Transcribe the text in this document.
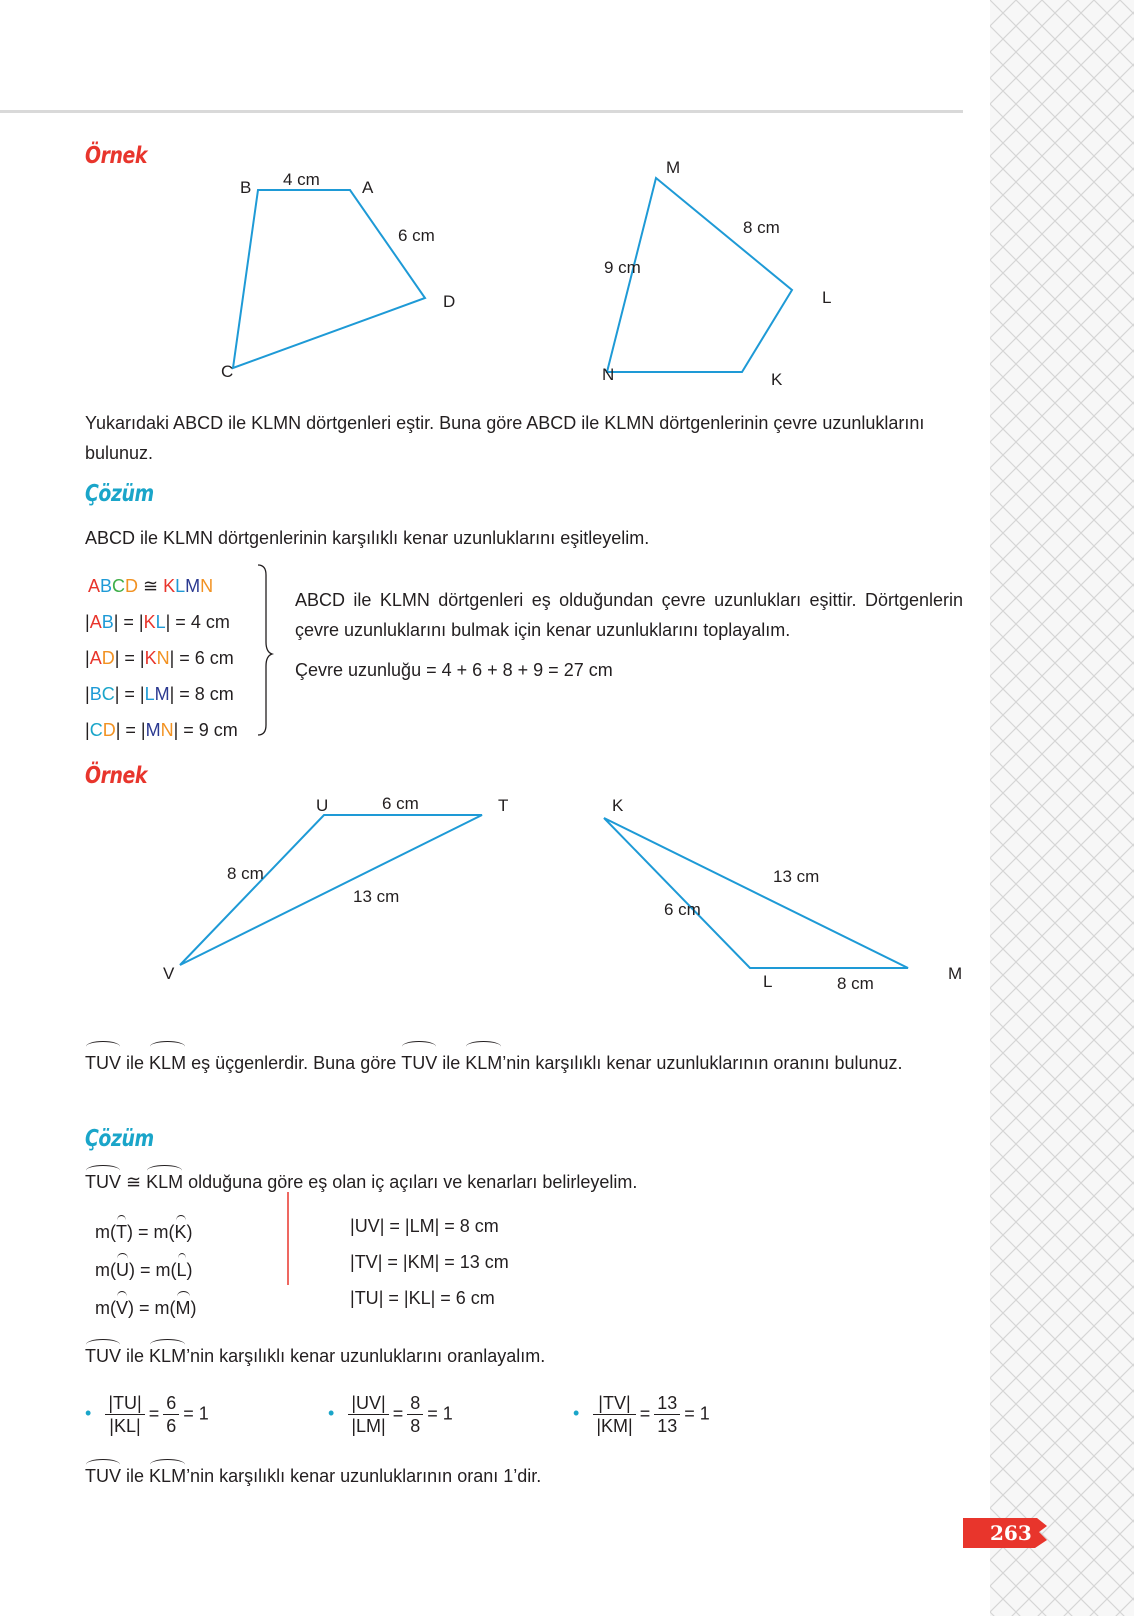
Örnek
B 4 cm A
6 cm
D
C
M
8 cm
9 cm
L
N	K
Yukarıdaki ABCD ile KLMN dörtgenleri eştir. Buna göre ABCD ile KLMN dörtgenlerinin çevre uzunluklarını bulunuz.
Çözüm
ABCD ile KLMN dörtgenlerinin karşılıklı kenar uzunluklarını eşitleyelim.
ABCD ≅ KLMN
|AB| = |KL| = 4 cm
|AD| = |KN| = 6 cm
|BC| = |LM| = 8 cm
|CD| = |MN| = 9 cm
ABCD ile KLMN dörtgenleri eş olduğundan çevre uzunlukları eşittir. Dörtgenlerin çevre uzunluklarını bulmak için kenar uzunluklarını toplayalım.
Çevre uzunluğu = 4 + 6 + 8 + 9 = 27 cm
Örnek
U	6 cm	T
8 cm
13 cm
V
K
13 cm
6 cm
M
L	8 cm
TUV ile KLM eş üçgenlerdir. Buna göre TUV ile KLM’nin karşılıklı kenar uzunluklarının oranını bulunuz.
Çözüm
TUV ≅ KLM olduğuna göre eş olan iç açıları ve kenarları belirleyelim.
m(T) = m(K)
m(U) = m(L)
m(V) = m(M)
|UV| = |LM| = 8 cm
|TV| = |KM| = 13 cm
|TU| = |KL| = 6 cm
TUV ile KLM’nin karşılıklı kenar uzunluklarını oranlayalım.
• $\frac{|TU|}{|KL|} = \frac{6}{6} = 1$	• $\frac{|UV|}{|LM|} = \frac{8}{8} = 1$	• $\frac{|TV|}{|KM|} = \frac{13}{13} = 1$
TUV ile KLM’nin karşılıklı kenar uzunluklarının oranı 1’dir.
263
